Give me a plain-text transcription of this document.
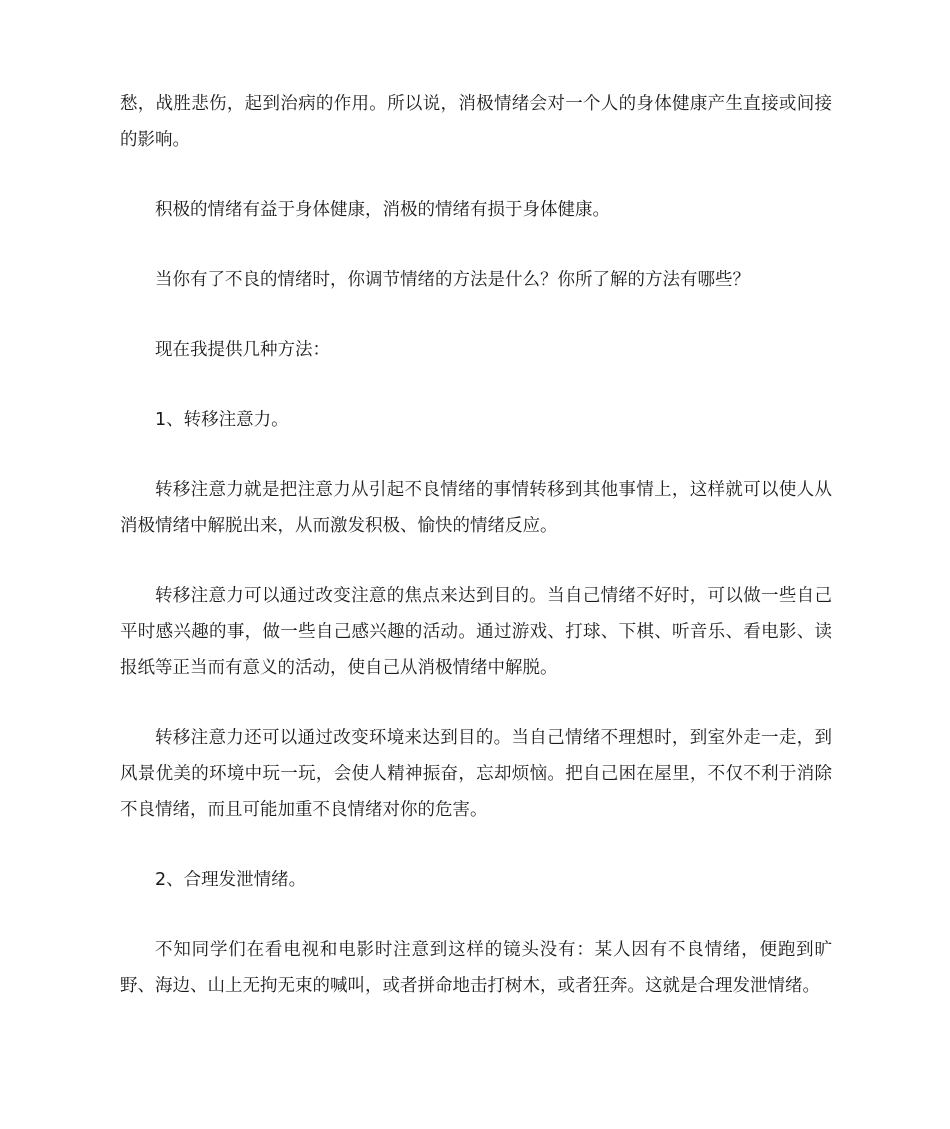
愁，战胜悲伤，起到治病的作用。所以说，消极情绪会对一个人的身体健康产生直接或间接的影响。

积极的情绪有益于身体健康，消极的情绪有损于身体健康。

当你有了不良的情绪时，你调节情绪的方法是什么？你所了解的方法有哪些？

现在我提供几种方法：

1、转移注意力。

转移注意力就是把注意力从引起不良情绪的事情转移到其他事情上，这样就可以使人从消极情绪中解脱出来，从而激发积极、愉快的情绪反应。

转移注意力可以通过改变注意的焦点来达到目的。当自己情绪不好时，可以做一些自己平时感兴趣的事，做一些自己感兴趣的活动。通过游戏、打球、下棋、听音乐、看电影、读报纸等正当而有意义的活动，使自己从消极情绪中解脱。

转移注意力还可以通过改变环境来达到目的。当自己情绪不理想时，到室外走一走，到风景优美的环境中玩一玩，会使人精神振奋，忘却烦恼。把自己困在屋里，不仅不利于消除不良情绪，而且可能加重不良情绪对你的危害。

2、合理发泄情绪。

不知同学们在看电视和电影时注意到这样的镜头没有：某人因有不良情绪，便跑到旷野、海边、山上无拘无束的喊叫，或者拼命地击打树木，或者狂奔。这就是合理发泄情绪。
